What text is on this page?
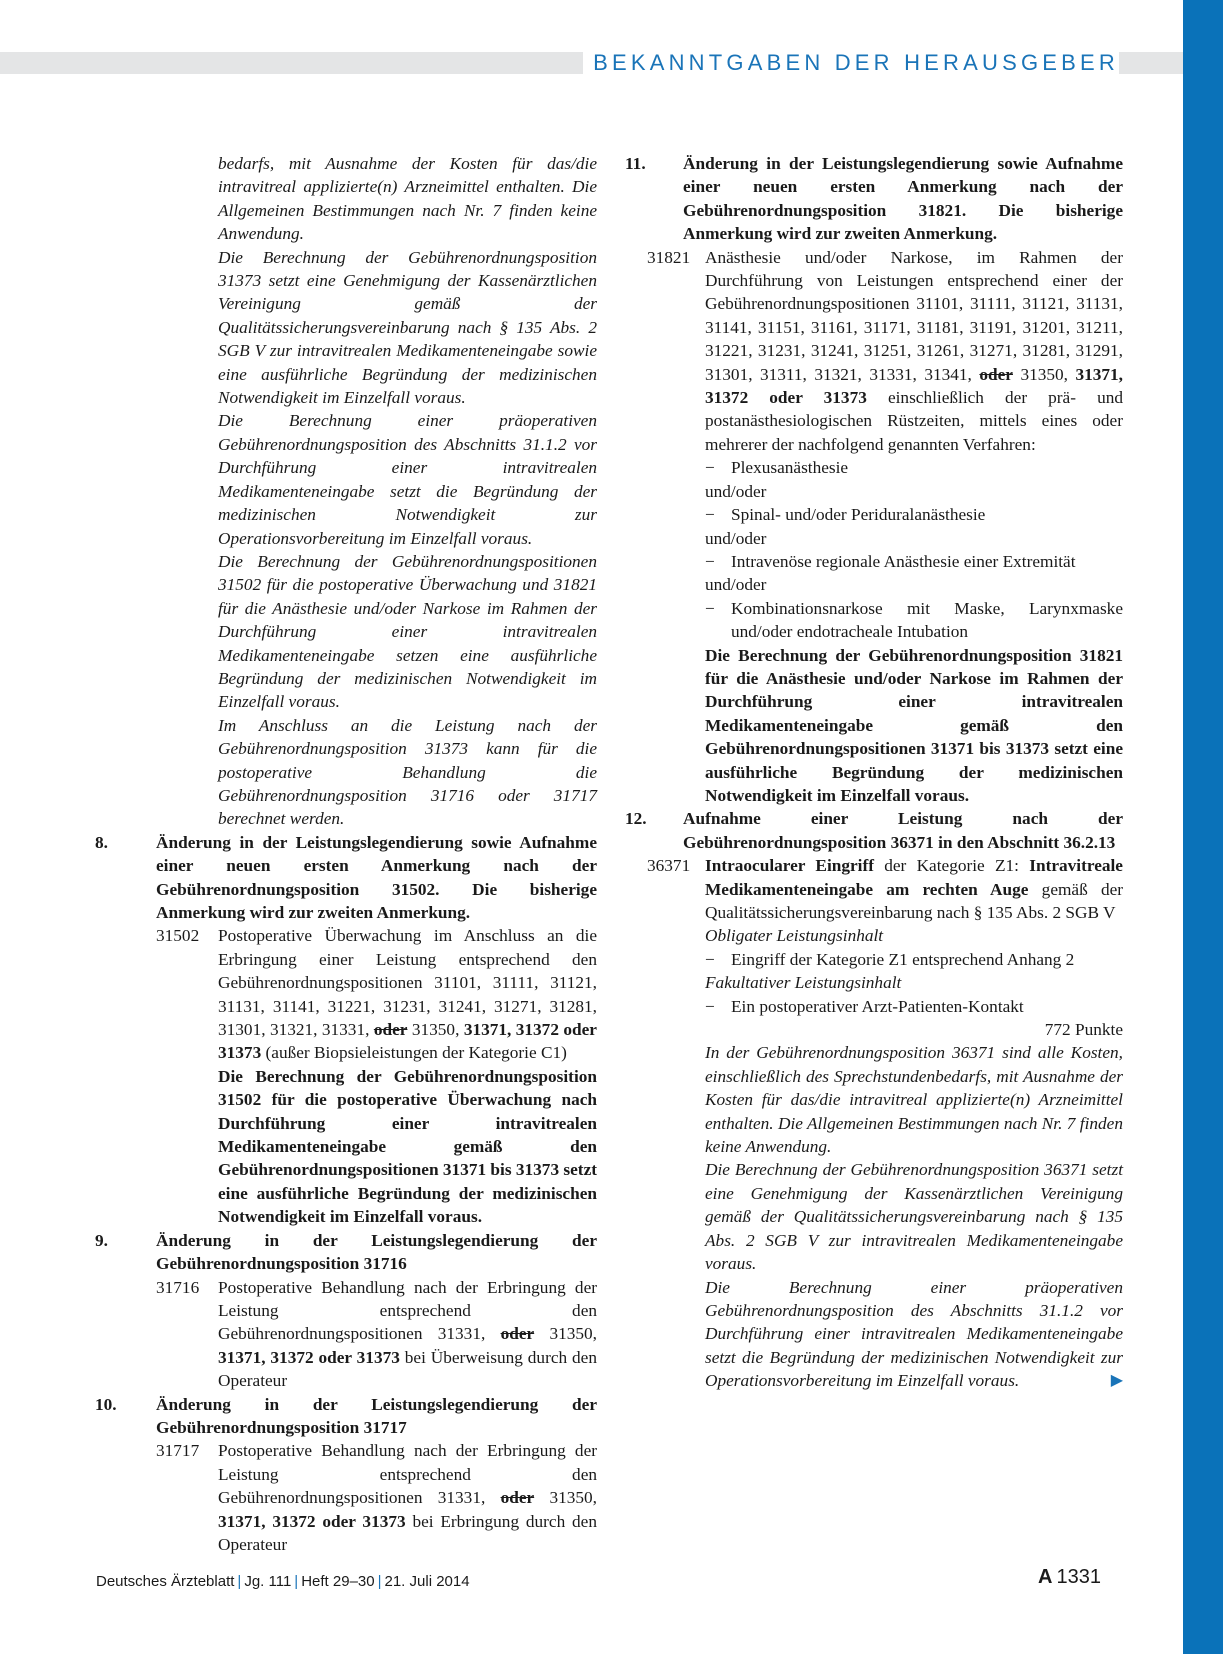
BEKANNTGABEN DER HERAUSGEBER

bedarfs, mit Ausnahme der Kosten für das/die intravitreal applizierte(n) Arzneimittel enthalten. Die Allgemeinen Bestimmungen nach Nr. 7 finden keine Anwendung.

Die Berechnung der Gebührenordnungsposition 31373 setzt eine Genehmigung der Kassenärztlichen Vereinigung gemäß der Qualitätssicherungsvereinbarung nach § 135 Abs. 2 SGB V zur intravitrealen Medikamenteneingabe sowie eine ausführliche Begründung der medizinischen Notwendigkeit im Einzelfall voraus.

Die Berechnung einer präoperativen Gebührenordnungsposition des Abschnitts 31.1.2 vor Durchführung einer intravitrealen Medikamenteneingabe setzt die Begründung der medizinischen Notwendigkeit zur Operationsvorbereitung im Einzelfall voraus.

Die Berechnung der Gebührenordnungspositionen 31502 für die postoperative Überwachung und 31821 für die Anästhesie und/oder Narkose im Rahmen der Durchführung einer intravitrealen Medikamenteneingabe setzen eine ausführliche Begründung der medizinischen Notwendigkeit im Einzelfall voraus.

Im Anschluss an die Leistung nach der Gebührenordnungsposition 31373 kann für die postoperative Behandlung die Gebührenordnungsposition 31716 oder 31717 berechnet werden.

8.	Änderung in der Leistungslegendierung sowie Aufnahme einer neuen ersten Anmerkung nach der Gebührenordnungsposition 31502. Die bisherige Anmerkung wird zur zweiten Anmerkung.
31502 Postoperative Überwachung im Anschluss an die Erbringung einer Leistung entsprechend den Gebührenordnungspositionen 31101, 31111, 31121, 31131, 31141, 31221, 31231, 31241, 31271, 31281, 31301, 31321, 31331, oder 31350, 31371, 31372 oder 31373 (außer Biopsieleistungen der Kategorie C1)

Die Berechnung der Gebührenordnungsposition 31502 für die postoperative Überwachung nach Durchführung einer intravitrealen Medikamenteneingabe gemäß den Gebührenordnungspositionen 31371 bis 31373 setzt eine ausführliche Begründung der medizinischen Notwendigkeit im Einzelfall voraus.

9.	Änderung in der Leistungslegendierung der Gebührenordnungsposition 31716
31716 Postoperative Behandlung nach der Erbringung der Leistung entsprechend den Gebührenordnungspositionen 31331, oder 31350, 31371, 31372 oder 31373 bei Überweisung durch den Operateur

10. Änderung in der Leistungslegendierung der Gebührenordnungsposition 31717
31717 Postoperative Behandlung nach der Erbringung der Leistung entsprechend den Gebührenordnungspositionen 31331, oder 31350, 31371, 31372 oder 31373 bei Erbringung durch den Operateur

11. Änderung in der Leistungslegendierung sowie Aufnahme einer neuen ersten Anmerkung nach der Gebührenordnungsposition 31821. Die bisherige Anmerkung wird zur zweiten Anmerkung.
31821 Anästhesie und/oder Narkose, im Rahmen der Durchführung von Leistungen entsprechend einer der Gebührenordnungspositionen 31101, 31111, 31121, 31131, 31141, 31151, 31161, 31171, 31181, 31191, 31201, 31211, 31221, 31231, 31241, 31251, 31261, 31271, 31281, 31291, 31301, 31311, 31321, 31331, 31341, oder 31350, 31371, 31372 oder 31373 einschließlich der prä- und postanästhesiologischen Rüstzeiten, mittels eines oder mehrerer der nachfolgend genannten Verfahren:

− Plexusanästhesie
und/oder
− Spinal- und/oder Periduralanästhesie
und/oder
− Intravenöse regionale Anästhesie einer Extremität
und/oder
− Kombinationsnarkose mit Maske, Larynxmaske und/oder endotracheale Intubation

Die Berechnung der Gebührenordnungsposition 31821 für die Anästhesie und/oder Narkose im Rahmen der Durchführung einer intravitrealen Medikamenteneingabe gemäß den Gebührenordnungspositionen 31371 bis 31373 setzt eine ausführliche Begründung der medizinischen Notwendigkeit im Einzelfall voraus.

12. Aufnahme einer Leistung nach der Gebührenordnungsposition 36371 in den Abschnitt 36.2.13
36371 Intraocularer Eingriff der Kategorie Z1: Intravitreale Medikamenteneingabe am rechten Auge gemäß der Qualitätssicherungsvereinbarung nach § 135 Abs. 2 SGB V

Obligater Leistungsinhalt
− Eingriff der Kategorie Z1 entsprechend Anhang 2
Fakultativer Leistungsinhalt
− Ein postoperativer Arzt-Patienten-Kontakt
772 Punkte

In der Gebührenordnungsposition 36371 sind alle Kosten, einschließlich des Sprechstundenbedarfs, mit Ausnahme der Kosten für das/die intravitreal applizierte(n) Arzneimittel enthalten. Die Allgemeinen Bestimmungen nach Nr. 7 finden keine Anwendung.

Die Berechnung der Gebührenordnungsposition 36371 setzt eine Genehmigung der Kassenärztlichen Vereinigung gemäß der Qualitätssicherungsvereinbarung nach § 135 Abs. 2 SGB V zur intravitrealen Medikamenteneingabe voraus.

Die Berechnung einer präoperativen Gebührenordnungsposition des Abschnitts 31.1.2 vor Durchführung einer intravitrealen Medikamenteneingabe setzt die Begründung der medizinischen Notwendigkeit zur Operationsvorbereitung im Einzelfall voraus.	▶
Deutsches Ärzteblatt | Jg. 111 | Heft 29–30 | 21. Juli 2014	A 1331
